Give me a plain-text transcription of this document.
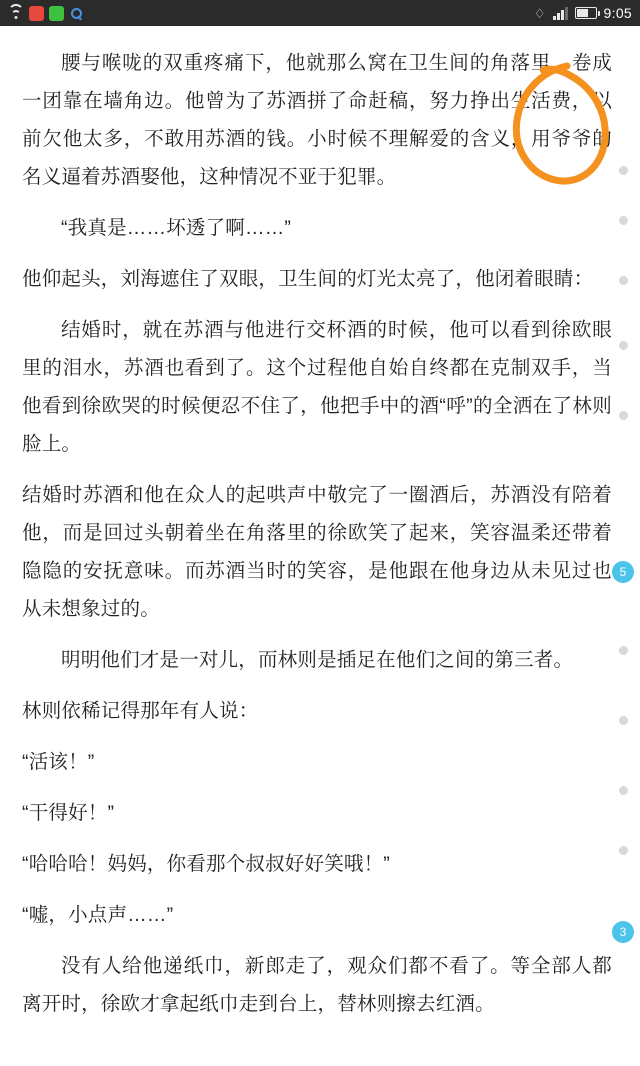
♢	9:05

腰与喉咙的双重疼痛下，他就那么窝在卫生间的角落里，卷成一团靠在墙角边。他曾为了苏酒拼了命赶稿，努力挣出生活费，以前欠他太多，不敢用苏酒的钱。小时候不理解爱的含义，用爷爷的名义逼着苏酒娶他，这种情况不亚于犯罪。

“我真是……坏透了啊……”

他仰起头，刘海遮住了双眼，卫生间的灯光太亮了，他闭着眼睛：

结婚时，就在苏酒与他进行交杯酒的时候，他可以看到徐欧眼里的泪水，苏酒也看到了。这个过程他自始自终都在克制双手，当他看到徐欧哭的时候便忍不住了，他把手中的酒“呼”的全洒在了林则脸上。

结婚时苏酒和他在众人的起哄声中敬完了一圈酒后，苏酒没有陪着他，而是回过头朝着坐在角落里的徐欧笑了起来，笑容温柔还带着隐隐的安抚意味。而苏酒当时的笑容，是他跟在他身边从未见过也从未想象过的。

明明他们才是一对儿，而林则是插足在他们之间的第三者。

林则依稀记得那年有人说：

“活该！”

“干得好！”

“哈哈哈！妈妈，你看那个叔叔好好笑哦！”

“嘘，小点声……”

没有人给他递纸巾，新郎走了，观众们都不看了。等全部人都离开时，徐欧才拿起纸巾走到台上，替林则擦去红酒。

5
3
